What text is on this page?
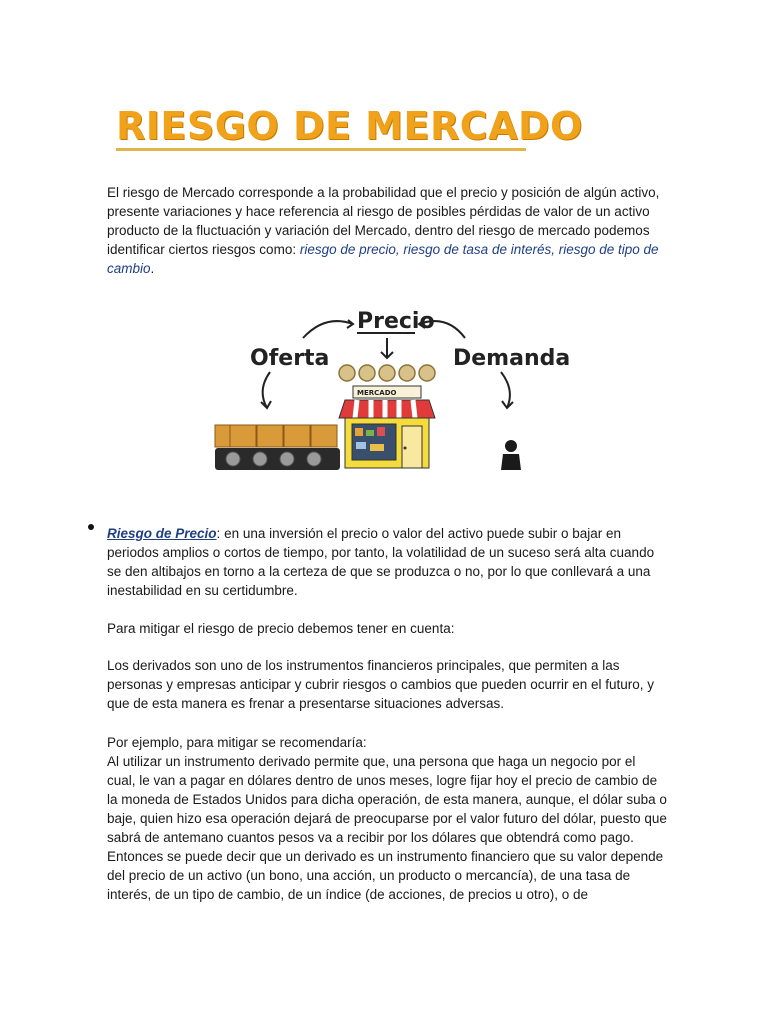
RIESGO DE MERCADO
El riesgo de Mercado corresponde a la probabilidad que el precio y posición de algún activo, presente variaciones y hace referencia al riesgo de posibles pérdidas de valor de un activo producto de la fluctuación y variación del Mercado, dentro del riesgo de mercado podemos identificar ciertos riesgos como: riesgo de precio, riesgo de tasa de interés, riesgo de tipo de cambio.
Precio
Oferta	Demanda
MERCADO
Riesgo de Precio: en una inversión el precio o valor del activo puede subir o bajar en periodos amplios o cortos de tiempo, por tanto, la volatilidad de un suceso será alta cuando se den altibajos en torno a la certeza de que se produzca o no, por lo que conllevará a una inestabilidad en su certidumbre.
Para mitigar el riesgo de precio debemos tener en cuenta:
Los derivados son uno de los instrumentos financieros principales, que permiten a las personas y empresas anticipar y cubrir riesgos o cambios que pueden ocurrir en el futuro, y que de esta manera es frenar a presentarse situaciones adversas.
Por ejemplo, para mitigar se recomendaría:
Al utilizar un instrumento derivado permite que, una persona que haga un negocio por el cual, le van a pagar en dólares dentro de unos meses, logre fijar hoy el precio de cambio de la moneda de Estados Unidos para dicha operación, de esta manera, aunque, el dólar suba o baje, quien hizo esa operación dejará de preocuparse por el valor futuro del dólar, puesto que sabrá de antemano cuantos pesos va a recibir por los dólares que obtendrá como pago.
Entonces se puede decir que un derivado es un instrumento financiero que su valor depende del precio de un activo (un bono, una acción, un producto o mercancía), de una tasa de interés, de un tipo de cambio, de un índice (de acciones, de precios u otro), o de
